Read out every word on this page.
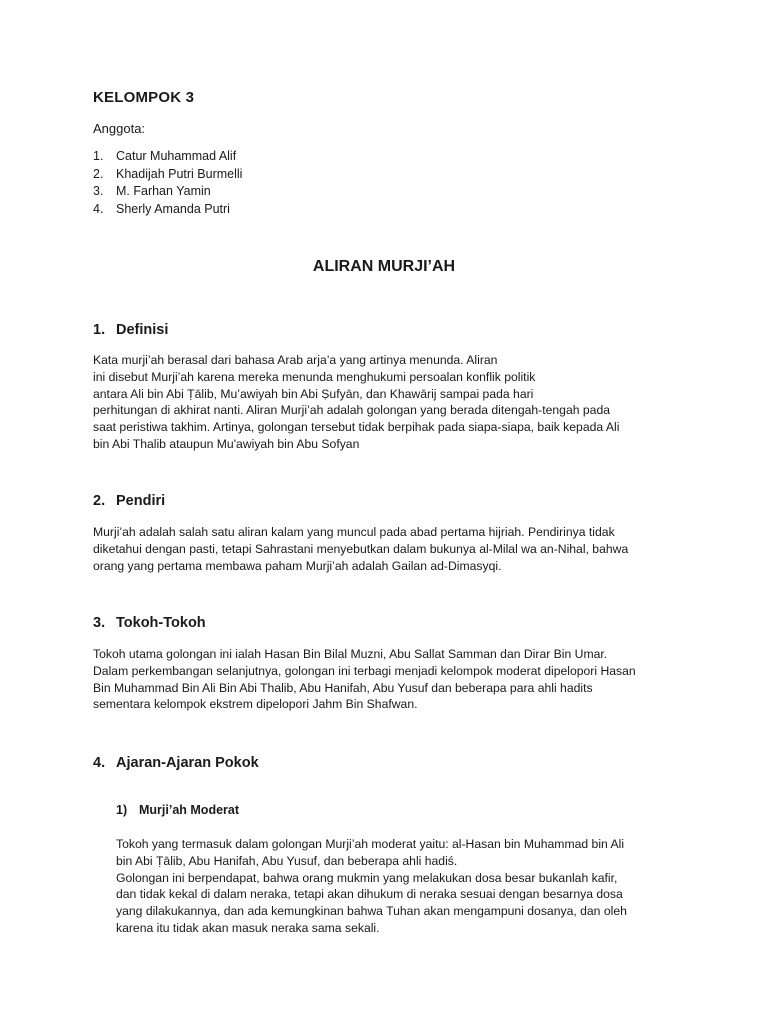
KELOMPOK 3
Anggota:
1. Catur Muhammad Alif
2. Khadijah Putri Burmelli
3. M. Farhan Yamin
4. Sherly Amanda Putri
ALIRAN MURJI’AH
1. Definisi
Kata murji’ah berasal dari bahasa Arab arja’a yang artinya menunda. Aliran
ini disebut Murji’ah karena mereka menunda menghukumi persoalan konflik politik
antara Ali bin Abi Ṭālib, Mu’awiyah bin Abi Ṣufyān, dan Khawārij sampai pada hari
perhitungan di akhirat nanti. Aliran Murji’ah adalah golongan yang berada ditengah-tengah pada
saat peristiwa takhim. Artinya, golongan tersebut tidak berpihak pada siapa-siapa, baik kepada Ali
bin Abi Thalib ataupun Mu'awiyah bin Abu Sofyan
2. Pendiri
Murji’ah adalah salah satu aliran kalam yang muncul pada abad pertama hijriah. Pendirinya tidak
diketahui dengan pasti, tetapi Sahrastani menyebutkan dalam bukunya al-Milal wa an-Nihal, bahwa
orang yang pertama membawa paham Murji’ah adalah Gailan ad-Dimasyqi.
3. Tokoh-Tokoh
Tokoh utama golongan ini ialah Hasan Bin Bilal Muzni, Abu Sallat Samman dan Dirar Bin Umar.
Dalam perkembangan selanjutnya, golongan ini terbagi menjadi kelompok moderat dipelopori Hasan
Bin Muhammad Bin Ali Bin Abi Thalib, Abu Hanifah, Abu Yusuf dan beberapa para ahli hadits
sementara kelompok ekstrem dipelopori Jahm Bin Shafwan.
4. Ajaran-Ajaran Pokok
1) Murji’ah Moderat
Tokoh yang termasuk dalam golongan Murji’ah moderat yaitu: al-Hasan bin Muhammad bin Ali
bin Abi Ṭālib, Abu Hanifah, Abu Yusuf, dan beberapa ahli hadiś.
Golongan ini berpendapat, bahwa orang mukmin yang melakukan dosa besar bukanlah kafir,
dan tidak kekal di dalam neraka, tetapi akan dihukum di neraka sesuai dengan besarnya dosa
yang dilakukannya, dan ada kemungkinan bahwa Tuhan akan mengampuni dosanya, dan oleh
karena itu tidak akan masuk neraka sama sekali.
